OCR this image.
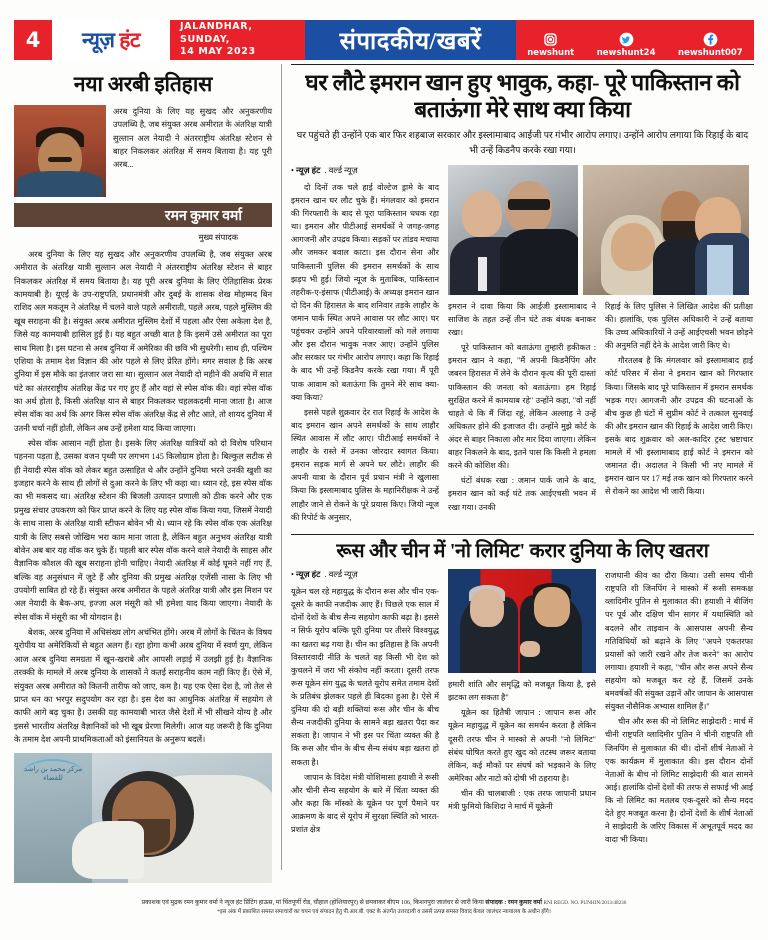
4	न्यूज़
हंट
JALANDHAR, SUNDAY,
14 MAY 2023	संपादकीय/खबरें	newshunt	newshunt24	newshunt007
नया अरबी इतिहास
अरब दुनिया के लिए यह सुखद और अनुकरणीय उपलब्धि है, जब संयुक्त अरब अमीरात के अंतरिक्ष यात्री सुल्तान अल नेयादी ने अंतरराष्ट्रीय अंतरिक्ष स्टेशन से बाहर निकलकर अंतरिक्ष में समय बिताया है। यह पूरी अरब...
रमन कुमार वर्मा
मुख्य संपादक

अरब दुनिया के लिए यह सुखद और अनुकरणीय उपलब्धि है, जब संयुक्त अरब अमीरात के अंतरिक्ष यात्री सुल्तान अल नेयादी ने अंतरराष्ट्रीय अंतरिक्ष स्टेशन से बाहर निकलकर अंतरिक्ष में समय बिताया है। यह पूरी अरब दुनिया के लिए ऐतिहासिक प्रेरक कामयाबी है। यूएई के उप-राष्ट्रपति, प्रधानमंत्री और दुबई के शासक शेख मोहम्मद बिन राशिद अल मकतूम ने अंतरिक्ष में चलने वाले पहले अमीराती, पहले अरब, पहले मुस्लिम की खूब सराहना की है। संयुक्त अरब अमीरात मुस्लिम देशों में पहला और ऐसा अकेला देश है, जिसे यह कामयाबी हासिल हुई है। यह बहुत अच्छी बात है कि इसमें उसे अमीरात का पूरा साथ मिला है। इस घटना से अरब दुनिया में अमेरिका की छवि भी सुधरेगी। साथ ही, पश्चिम एशिया के तमाम देश विज्ञान की ओर पहले से लिए प्रेरित होंगे। मगर सवाल है कि अरब दुनिया में इस मौके का इंतजार जरा सा था। सुल्तान अल नेयादी दो महीने की अवधि में सात घंटे का अंतरराष्ट्रीय अंतरिक्ष केंद्र पर गए हुए हैं और वहां से स्पेस वॉक की। वहां स्पेस वॉक का अर्थ होता है, किसी अंतरिक्ष यान से बाहर निकलकर चहलकदमी माना जाता है। आज स्पेस वॉक का अर्थ कि अगर किस स्पेस वॉक अंतरिक्ष केंद्र से लौट आते, तो शायद दुनिया में उतनी चर्चा नहीं होती, लेकिन अब उन्हें हमेशा याद किया जाएगा।

स्पेस वॉक आसान नहीं होता है। इसके लिए अंतरिक्ष यात्रियों को दो विशेष परिधान पहनना पड़ता है, उसका वजन पृथ्वी पर लगभग 145 किलोग्राम होता है। बिल्कुल सटीक से ही नेयादी स्पेस वॉक को लेकर बहुत उत्साहित थे और उन्होंने दुनिया भरने उनकी खुशी का इजहार करने के साथ ही लोगों से दुआ करने के लिए भी कहा था। ध्यान रहे, इस स्पेस वॉक का भी मकसद था। अंतरिक्ष स्टेशन की बिजली उत्पादन प्रणाली को ठीक करने और एक प्रमुख संचार उपकरण को फिर प्राप्त करने के लिए यह स्पेस वॉक किया गया, जिसमें नेयादी के साथ नासा के अंतरिक्ष यात्री स्टीफन बोवेन भी थे। ध्यान रहे कि स्पेस वॉक एक अंतरिक्ष यात्री के लिए सबसे जोखिम भरा काम माना जाता है, लेकिन बहुत अनुभव अंतरिक्ष यात्री बोवेन अब बार यह वॉक कर चुके हैं। पहली बार स्पेस वॉक करने वाले नेयादी के साहस और वैज्ञानिक कौशल की खूब सराहना होनी चाहिए। नेयादी अंतरिक्ष में कोई घूमने नहीं गए हैं, बल्कि वह अनुसंधान में जुटे हैं और दुनिया की प्रमुख अंतरिक्ष एजेंसी नासा के लिए भी उपयोगी साबित हो रहे हैं। संयुक्त अरब अमीरात के पहले अंतरिक्ष यात्री और इस मिशन पर अल नेयादी के बैक-अप, हज्जा अल मंसूरी को भी हमेशा याद किया जाएगा। नेयादी के स्पेस वॉक में मंसूरी का भी योगदान है।

बेशक, अरब दुनिया में अधिसंख्य लोग अचंभित होंगे। अरब में लोगों के चिंतन के विषय यूरोपीय या अमेरिकियों से बहुत अलग हैं। रहा होगा कभी अरब दुनिया में स्वर्ण युग, लेकिन आज अरब दुनिया समग्रता में खून-खराबे और आपसी लड़ाई में उलझी हुई है। वैज्ञानिक तरक्की के मामले में अरब दुनिया के शासकों ने कतई सराहनीय काम नहीं किए हैं। ऐसे में, संयुक्त अरब अमीरात को कितनी तारीफ को जाए, कम है। यह एक ऐसा देश है, जो तेल से प्राप्त धन का भरपूर सदुपयोग कर रहा है। इस देश का आधुनिक अंतरिक्ष में सहयोग ले काफी आगे बढ़ चुका है। उसकी यह कामयाबी भारत जैसे देशों में भी सीखने योग्य है और इससे भारतीय अंतरिक्ष वैज्ञानिकों को भी खूब प्रेरणा मिलेगी। आज यह जरूरी है कि दुनिया के तमाम देश अपनी प्राथमिकताओं को इंसानियत के अनुरूप बदलें।

مركز محمد بن راشد للفضاء
घर लौटे इमरान खान हुए भावुक, कहा- पूरे पाकिस्तान को बताऊंगा मेरे साथ क्या किया
घर पहुंचते ही उन्होंने एक बार फिर शहबाज सरकार और इस्लामाबाद आईजी पर गंभीर आरोप लगाए। उन्होंने आरोप लगाया कि रिहाई के बाद भी उन्हें किडनैप करके रखा गया।
• न्यूज़ हंट  . वर्ल्ड न्यूज़

दो दिनों तक चले हाई वोल्टेज ड्रामे के बाद इमरान खान घर लौट चुके हैं। मंगलवार को इमरान की गिरफ्तारी के बाद से पूरा पाकिस्तान धधक रहा था। इमरान और पीटीआई समर्थकों ने जगह-जगह आगजनी और उपद्रव किया। सड़कों पर तांडव मचाया और जमकर बवाल काटा। इस दौरान सेना और पाकिस्तानी पुलिस की इमरान समर्थकों के साथ झड़प भी हुई। जियो न्यूज के मुताबिक, पाकिस्तान तहरीक-ए-इंसाफ (पीटीआई) के अध्यक्ष इमरान खान दो दिन की हिरासत के बाद शनिवार तड़के लाहौर के जमान पार्क स्थित अपने आवास पर लौट आए। घर पहुंचकर उन्होंने अपने परिवारवालों को गले लगाया और इस दौरान भावुक नजर आए। उन्होंने पुलिस और सरकार पर गंभीर आरोप लगाए। कहा कि रिहाई के बाद भी उन्हें किडनैप करके रखा गया। मैं पूरी पाक आवाम को बताऊंगा कि तुमने मेरे साथ क्या-क्या किया?

इससे पहले शुक्रवार देर रात रिहाई के आदेश के बाद इमरान खान अपने समर्थकों के साथ लाहौर स्थित आवास में लौट आए। पीटीआई समर्थकों ने लाहौर के रास्ते में उनका जोरदार स्वागत किया। इमरान सड़क मार्ग से अपने घर लौटे। लाहौर की अपनी यात्रा के दौरान पूर्व प्रधान मंत्री ने खुलासा किया कि इस्लामाबाद पुलिस के महानिरीक्षक ने उन्हें लाहौर जाने से रोकने के पूरे प्रयास किए। जियो न्यूज की रिपोर्ट के अनुसार,

इमरान ने दावा किया कि आईजी इस्लामाबाद ने साजिश के तहत उन्हें तीन घंटे तक बंधक बनाकर रखा।

पूरे पाकिस्तान को बताऊंगा तुम्हारी हकीकत : इमरान खान ने कहा, "मैं अपनी किडनैपिंग और जबरन हिरासत में लेने के दौरान कृत्य की पूरी दास्तां पाकिस्तान की जनता को बताऊंगा। हम रिहाई सुरक्षित करने में कामयाब रहे" उन्होंने कहा, "वो नहीं चाहते थे कि मैं जिंदा रहूं, लेकिन अल्लाह ने उन्हें अधिकतर होने की इजाजत दी। उन्होंने मुझे कोर्ट के अंदर से बाहर निकाला और मार दिया जाएगा। लेकिन बाहर निकलने के बाद, इतने पास कि किसी ने हमला करने की कोशिश की।

घंटों बंधक रखा : जमान पार्क जाने के बाद, इमरान खान को कई घंटे तक आईएचसी भवन में रखा गया। उनकी

रिहाई के लिए पुलिस ने लिखित आदेश की प्रतीक्षा की। हालांकि, एक पुलिस अधिकारी ने उन्हें बताया कि उच्च अधिकारियों ने उन्हें आईएचसी भवन छोड़ने की अनुमति नहीं देने के आदेश जारी किए थे।

गौरतलब है कि मंगलवार को इस्लामाबाद हाई कोर्ट परिसर में सेना ने इमरान खान को गिरफ्तार किया। जिसके बाद पूरे पाकिस्तान में इमरान समर्थक भड़क गए। आगजनी और उपद्रव की घटनाओं के बीच कुछ ही घंटों में सुप्रीम कोर्ट ने तत्काल सुनवाई की और इमरान खान की रिहाई के आदेश जारी किए। इसके बाद शुक्रवार को अल-कादिर ट्रस्ट भ्रष्टाचार मामले में भी इस्लामाबाद हाई कोर्ट ने इमरान को जमानत दी। अदालत ने किसी भी नए मामले में इमरान खान पर 17 मई तक खान को गिरफ्तार करने से रोकने का आदेश भी जारी किया।

रूस और चीन में 'नो लिमिट' करार दुनिया के लिए खतरा
• न्यूज़ हंट  . वर्ल्ड न्यूज़

यूक्रेन चल रहे महायुद्ध के दौरान रूस और चीन एक-दूसरे के काफी नजदीक आए हैं। पिछले एक साल में दोनों देशों के बीच सैन्य सहयोग काफी बढ़ा है। इससे न सिर्फ यूरोप बल्कि पूरी दुनिया पर तीसरे विश्वयुद्ध का खतरा बढ़ गया है। चीन का इतिहास है कि अपनी विस्तारवादी नीति के चलते वह किसी भी देश को कुचलने में जरा भी संकोच नहीं करता। दूसरी तरफ रूस यूक्रेन संग युद्ध के चलते यूरोप समेत तमाम देशों के प्रतिबंध झेलकर पहले ही बिदका हुआ है। ऐसे में दुनिया की दो बड़ी शक्तियां रूस और चीन के बीच सैन्य नजदीकी दुनिया के सामने बड़ा खतरा पैदा कर सकता है। जापान ने भी इस पर चिंता व्यक्त की है कि रूस और चीन के बीच सैन्य संबंध बड़ा खतरा हो सकता है।

जापान के विदेश मंत्री योशिमासा हयाशी ने रूसी और चीनी सैन्य सहयोग के बारे में चिंता व्यक्त की और कहा कि मॉस्को के यूक्रेन पर पूर्ण पैमाने पर आक्रमण के बाद से यूरोप में सुरक्षा स्थिति को भारत-प्रशांत क्षेत्र

हमारी शांति और समृद्धि को मजबूत किया है, इसे झटका लग सकता है"

यूक्रेन का हितैषी जापान : जापान रूस और यूक्रेन महायुद्ध में यूक्रेन का समर्थन करता है लेकिन दूसरी तरफ चीन ने मास्को से अपनी "नो लिमिट" संबंध घोषित करते हुए खुद को तटस्थ जरूर बताया लेकिन, कई मौकों पर संघर्ष को भड़काने के लिए अमेरिका और नाटो को दोषी भी ठहराया है।

चीन की चालबाजी : एक तरफ जापानी प्रधान मंत्री फुमियो किशिदा ने मार्च में यूक्रेनी

राजधानी कीव का दौरा किया। उसी समय चीनी राष्ट्रपति शी जिनपिंग ने मास्को में रूसी समकक्ष व्लादिमीर पुतिन से मुलाकात की। हयाशी ने बीजिंग पर पूर्व और दक्षिण चीन सागर में यथास्थिति को बदलने और ताइवान के आसपास अपनी सैन्य गतिविधियों को बढ़ाने के लिए "अपने एकतरफा प्रयासों को जारी रखने और तेज करने" का आरोप लगाया। हयाशी ने कहा, "चीन और रूस अपने सैन्य सहयोग को मजबूत कर रहे हैं, जिसमें उनके बमवर्षकों की संयुक्त उड़ानें और जापान के आसपास संयुक्त नौसैनिक अभ्यास शामिल हैं।"

चीन और रूस की नो लिमिट साझेदारी : मार्च में चीनी राष्ट्रपति व्लादिमीर पुतिन ने चीनी राष्ट्रपति शी जिनपिंग से मुलाकात की थी। दोनों शीर्ष नेताओं ने एक कार्यक्रम में मुलाकात की। इस दौरान दोनों नेताओं के बीच नो लिमिट साझेदारी की बात सामने आई। हालांकि दोनों देशों की तरफ से सफाई भी आई कि नो लिमिट का मतलब एक-दूसरे को सैन्य मदद देते हुए मजबूत करना है। दोनों देशों के शीर्ष नेताओं ने साझेदारी के जरिए विकास में अभूतपूर्व मदद का वादा भी किया।

प्रकाशक एवं मुद्रक रमन कुमार वर्मा ने न्यूज हंट प्रिंटिंग हाऊस, मां चिंतपूर्णी रोड, चौहाल (होशियारपुर) से छपवाकर बीएम 106, किशनपुरा जालंधर से जारी किया संपादक : रमन कुमार वर्मा RNI REGD. NO. PUNHIN/2013/48236
*इस अंक में प्रकाशित समस्त समाचारों का चयन एवं संपादन हेतु पी.आर.बी. एक्ट के अंतर्गत उत्तरदायी व उससे उत्पन्न समस्त विवाद केवल जालंधर न्यायालय के अधीन होंगे।
